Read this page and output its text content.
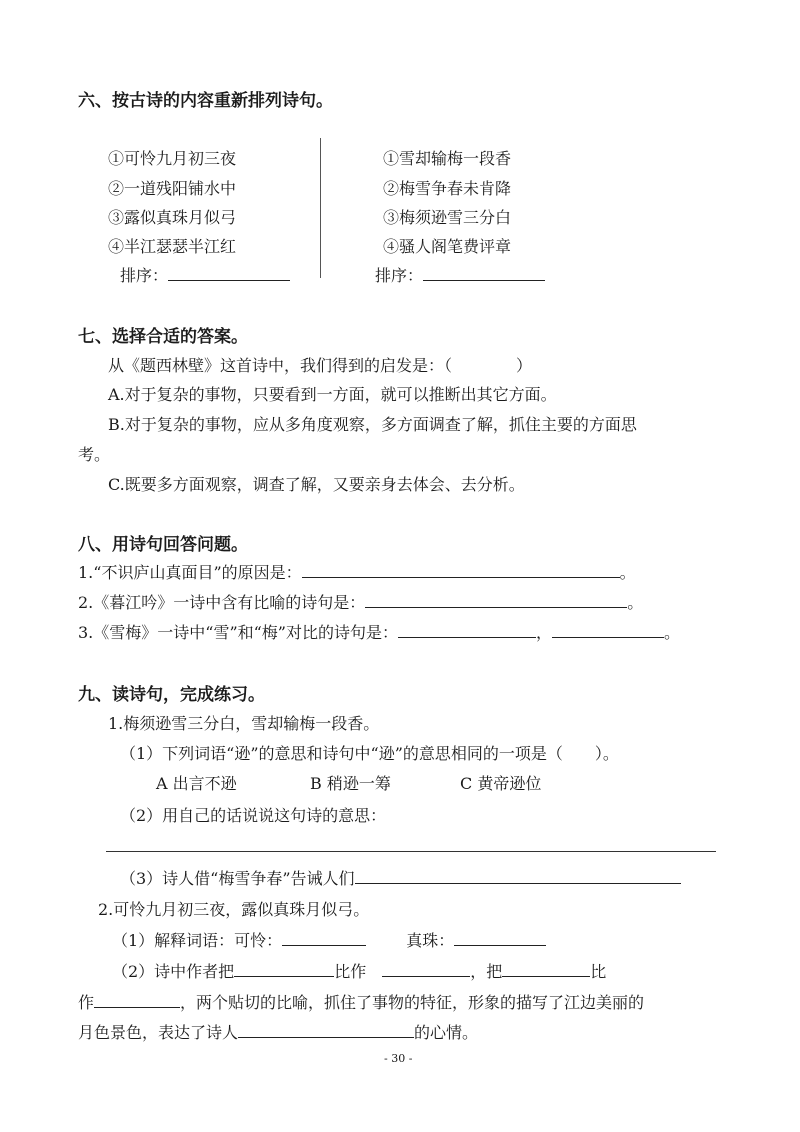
六、按古诗的内容重新排列诗句。
①可怜九月初三夜
②一道残阳铺水中
③露似真珠月似弓
④半江瑟瑟半江红
排序：
①雪却输梅一段香
②梅雪争春未肯降
③梅须逊雪三分白
④骚人阁笔费评章
排序：
七、选择合适的答案。
从《题西林壁》这首诗中，我们得到的启发是：（　　　　）
A.对于复杂的事物，只要看到一方面，就可以推断出其它方面。
B.对于复杂的事物，应从多角度观察，多方面调查了解，抓住主要的方面思
考。
C.既要多方面观察，调查了解，又要亲身去体会、去分析。
八、用诗句回答问题。
1.“不识庐山真面目”的原因是：	。
2.《暮江吟》一诗中含有比喻的诗句是：	。
3.《雪梅》一诗中“雪”和“梅”对比的诗句是：	，	。
九、读诗句，完成练习。
1.梅须逊雪三分白，雪却输梅一段香。
（1）下列词语“逊”的意思和诗句中“逊”的意思相同的一项是（　　）。
A 出言不逊	B 稍逊一筹	C 黄帝逊位
（2）用自己的话说说这句诗的意思：
（3）诗人借“梅雪争春”告诫人们
2.可怜九月初三夜，露似真珠月似弓。
（1）解释词语：可怜：	真珠：
（2）诗中作者把	比作	，把	比
作	，两个贴切的比喻，抓住了事物的特征，形象的描写了江边美丽的
月色景色，表达了诗人	的心情。
- 30 -
